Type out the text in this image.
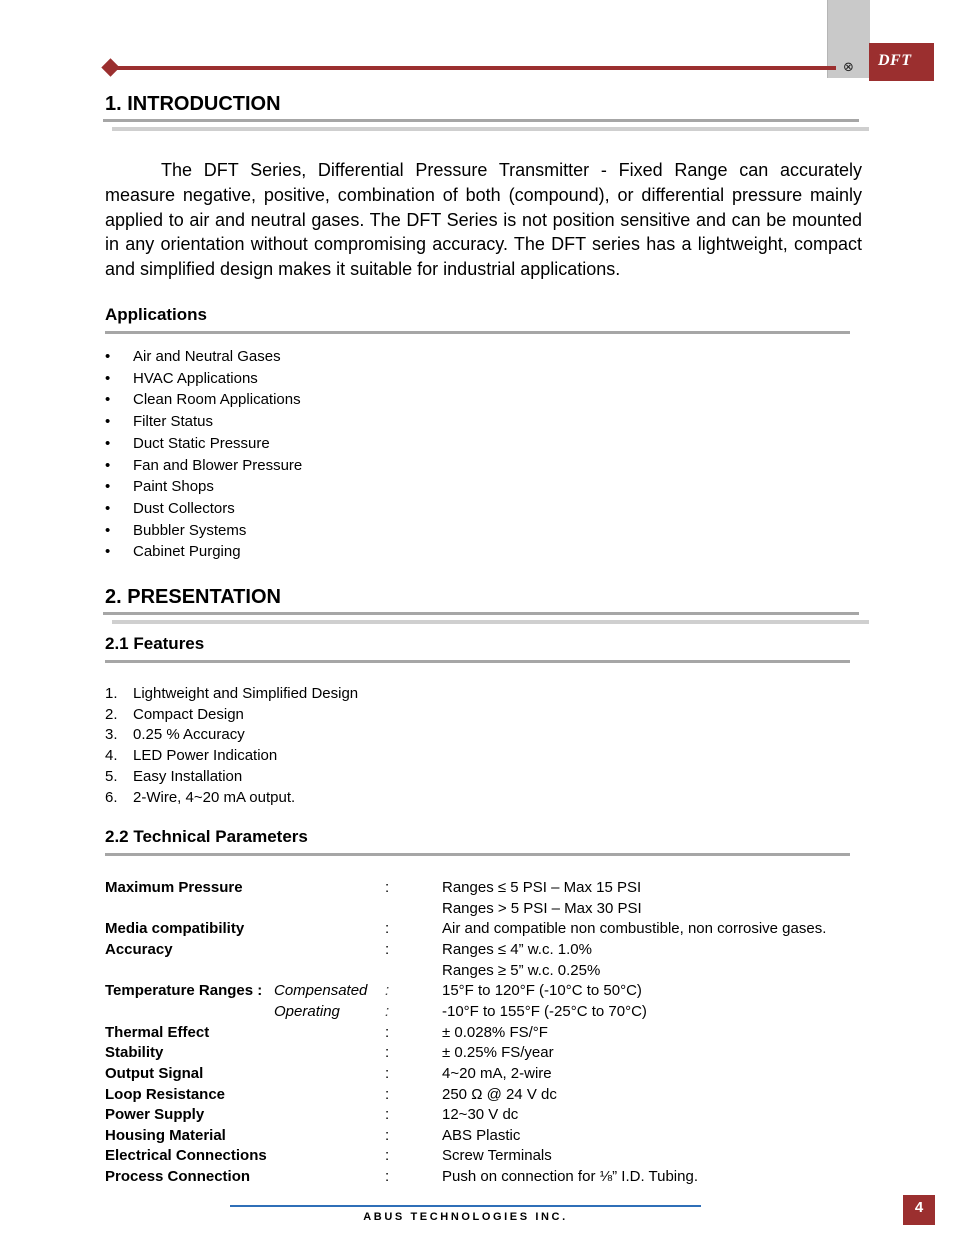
⊗ DFT
1. INTRODUCTION
The DFT Series, Differential Pressure Transmitter - Fixed Range can accurately measure negative, positive, combination of both (compound), or differential pressure mainly applied to air and neutral gases. The DFT Series is not position sensitive and can be mounted in any orientation without compromising accuracy. The DFT series has a lightweight, compact and simplified design makes it suitable for industrial applications.
Applications
• Air and Neutral Gases
• HVAC Applications
• Clean Room Applications
• Filter Status
• Duct Static Pressure
• Fan and Blower Pressure
• Paint Shops
• Dust Collectors
• Bubbler Systems
• Cabinet Purging
2. PRESENTATION
2.1 Features
1. Lightweight and Simplified Design
2. Compact Design
3. 0.25 % Accuracy
4. LED Power Indication
5. Easy Installation
6. 2-Wire, 4~20 mA output.
2.2 Technical Parameters
Maximum Pressure	:	Ranges ≤ 5 PSI – Max 15 PSI
Ranges > 5 PSI – Max 30 PSI
Media compatibility	:	Air and compatible non combustible, non corrosive gases.
Accuracy	:	Ranges ≤ 4” w.c. 1.0%
Ranges ≥ 5” w.c. 0.25%
Temperature Ranges : Compensated :	15°F to 120°F (-10°C to 50°C)
Operating	:	-10°F to 155°F (-25°C to 70°C)
Thermal Effect	:	± 0.028% FS/°F
Stability	:	± 0.25% FS/year
Output Signal	:	4~20 mA, 2-wire
Loop Resistance	:	250 Ω @ 24 V dc
Power Supply	:	12~30 V dc
Housing Material	:	ABS Plastic
Electrical Connections	:	Screw Terminals
Process Connection	:	Push on connection for ⅛” I.D. Tubing.
ABUS TECHNOLOGIES INC.
4
